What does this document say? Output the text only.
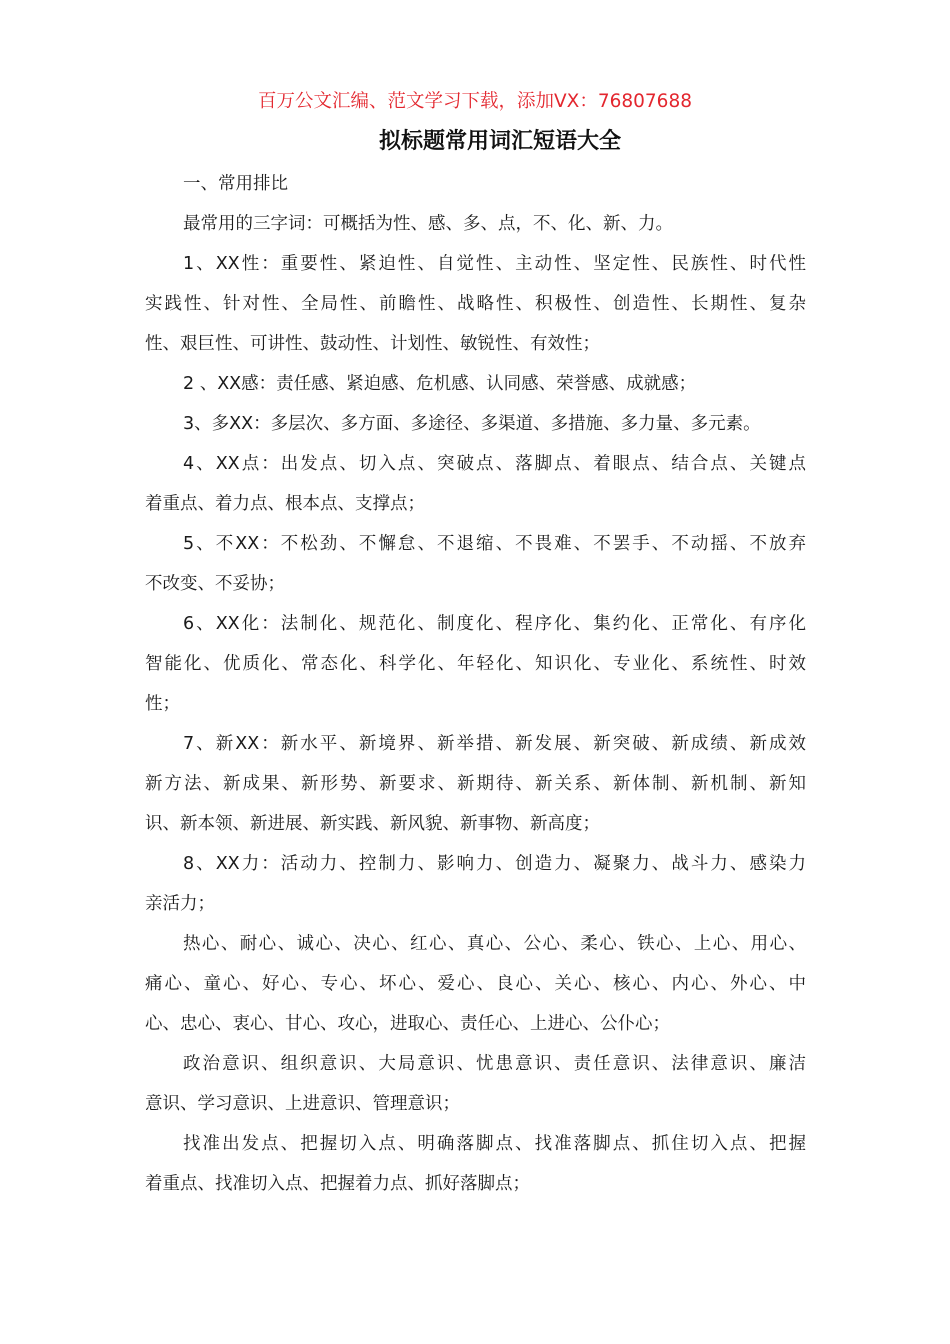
百万公文汇编、范文学习下载，添加VX：76807688
拟标题常用词汇短语大全
一、常用排比
最常用的三字词：可概括为性、感、多、点，不、化、新、力。
1、XX性：重要性、紧迫性、自觉性、主动性、坚定性、民族性、时代性
实践性、针对性、全局性、前瞻性、战略性、积极性、创造性、长期性、复杂
性、艰巨性、可讲性、鼓动性、计划性、敏锐性、有效性；
2 、XX感：责任感、紧迫感、危机感、认同感、荣誉感、成就感；
3、多XX：多层次、多方面、多途径、多渠道、多措施、多力量、多元素。
4、XX点：出发点、切入点、突破点、落脚点、着眼点、结合点、关键点
着重点、着力点、根本点、支撑点；
5、不XX：不松劲、不懈怠、不退缩、不畏难、不罢手、不动摇、不放弃
不改变、不妥协；
6、XX化：法制化、规范化、制度化、程序化、集约化、正常化、有序化
智能化、优质化、常态化、科学化、年轻化、知识化、专业化、系统性、时效
性；
7、新XX：新水平、新境界、新举措、新发展、新突破、新成绩、新成效
新方法、新成果、新形势、新要求、新期待、新关系、新体制、新机制、新知
识、新本领、新进展、新实践、新风貌、新事物、新高度；
8、XX力：活动力、控制力、影响力、创造力、凝聚力、战斗力、感染力
亲活力；
热心、耐心、诚心、决心、红心、真心、公心、柔心、铁心、上心、用心、
痛心、童心、好心、专心、坏心、爱心、良心、关心、核心、内心、外心、中
心、忠心、衷心、甘心、攻心，进取心、责任心、上进心、公仆心；
政治意识、组织意识、大局意识、忧患意识、责任意识、法律意识、廉洁
意识、学习意识、上进意识、管理意识；
找准出发点、把握切入点、明确落脚点、找准落脚点、抓住切入点、把握
着重点、找准切入点、把握着力点、抓好落脚点；
